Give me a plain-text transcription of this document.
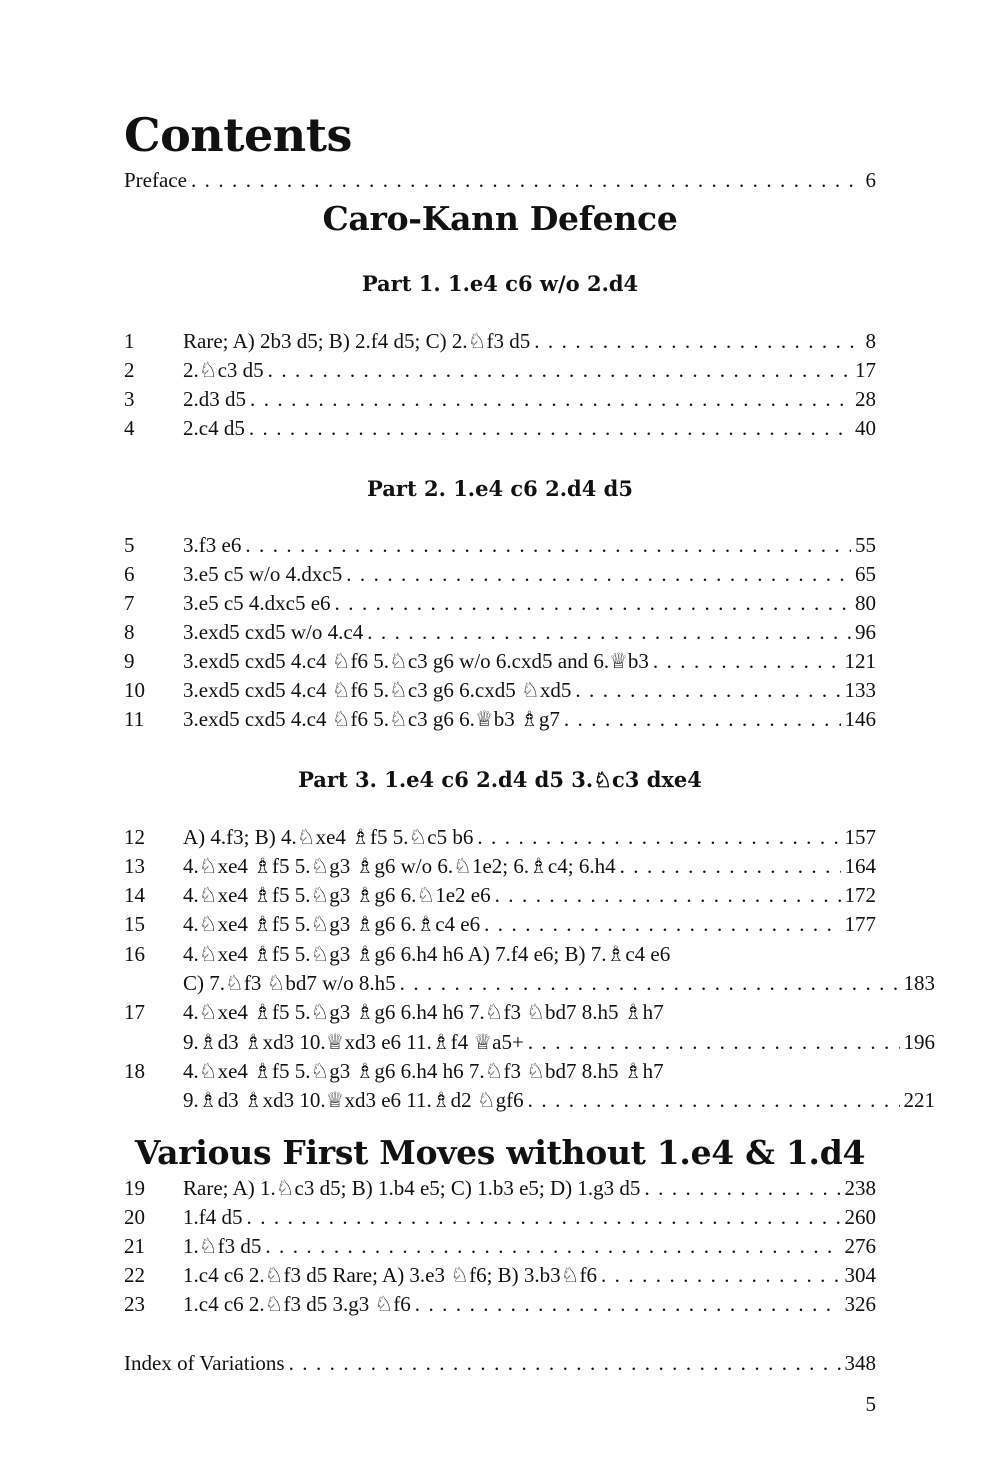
Contents
Preface . . .	6
Caro-Kann Defence
Part 1. 1.e4 c6 w/o 2.d4
1	Rare; A) 2b3 d5; B) 2.f4 d5; C) 2.♘f3 d5 . . .	8
2	2.♘c3 d5 . . .	17
3	2.d3 d5 . . .	28
4	2.c4 d5 . . .	40
Part 2. 1.e4 c6 2.d4 d5
5	3.f3 e6 . . .	55
6	3.e5 c5 w/o 4.dxc5 . . .	65
7	3.e5 c5 4.dxc5 e6 . . .	80
8	3.exd5 cxd5 w/o 4.c4 . . .	96
9	3.exd5 cxd5 4.c4 ♘f6 5.♘c3 g6 w/o 6.cxd5 and 6.♕b3 . . .	121
10	3.exd5 cxd5 4.c4 ♘f6 5.♘c3 g6 6.cxd5 ♘xd5 . . .	133
11	3.exd5 cxd5 4.c4 ♘f6 5.♘c3 g6 6.♕b3 ♗g7 . . .	146
Part 3. 1.e4 c6 2.d4 d5 3.♘c3 dxe4
12	A) 4.f3; B) 4.♘xe4 ♗f5 5.♘c5 b6 . . .	157
13	4.♘xe4 ♗f5 5.♘g3 ♗g6 w/o 6.♘1e2; 6.♗c4; 6.h4 . . .	164
14	4.♘xe4 ♗f5 5.♘g3 ♗g6 6.♘1e2 e6 . . .	172
15	4.♘xe4 ♗f5 5.♘g3 ♗g6 6.♗c4 e6 . . .	177
16	4.♘xe4 ♗f5 5.♘g3 ♗g6 6.h4 h6 A) 7.f4 e6; B) 7.♗c4 e6
C) 7.♘f3 ♘bd7 w/o 8.h5 . . .	183
17	4.♘xe4 ♗f5 5.♘g3 ♗g6 6.h4 h6 7.♘f3 ♘bd7 8.h5 ♗h7
9.♗d3 ♗xd3 10.♕xd3 e6 11.♗f4 ♕a5+ . . .	196
18	4.♘xe4 ♗f5 5.♘g3 ♗g6 6.h4 h6 7.♘f3 ♘bd7 8.h5 ♗h7
9.♗d3 ♗xd3 10.♕xd3 e6 11.♗d2 ♘gf6 . . .	221
Various First Moves without 1.e4 & 1.d4
19	Rare; A) 1.♘c3 d5; B) 1.b4 e5; C) 1.b3 e5; D) 1.g3 d5 . . .	238
20	1.f4 d5 . . .	260
21	1.♘f3 d5 . . .	276
22	1.c4 c6 2.♘f3 d5 Rare; A) 3.e3 ♘f6; B) 3.b3♘f6 . . .	304
23	1.c4 c6 2.♘f3 d5 3.g3 ♘f6 . . .	326
Index of Variations . . .	348
5
